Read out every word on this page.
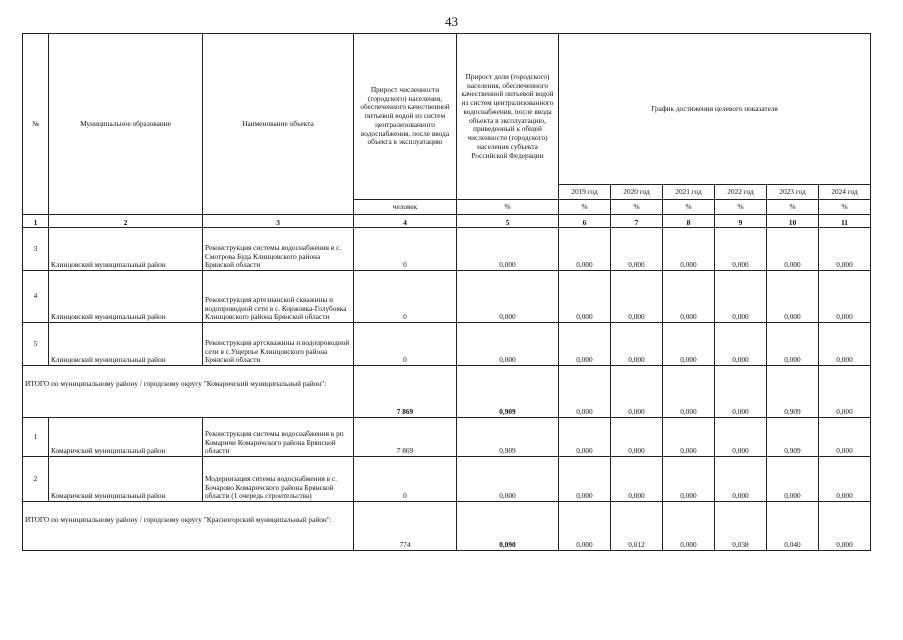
43
№	Муниципальное образование	Наименование объекта	Прирост численности (городского) населения, обеспеченного качественной питьевой водой из систем централизованного водоснабжения, после ввода объекта в эксплуатацию	Прирост доли (городского) населения, обеспеченного качественной питьевой водой из систем централизованного водоснабжения, после ввода объекта в эксплуатацию, приведенный к общей численности (городского) населения субъекта Российской Федерации	График достижения целевого показателя					
					2019 год	2020 год	2021 год	2022 год	2023 год	2024 год
			человек	%	%	%	%	%	%	%
1	2	3	4	5	6	7	8	9	10	11
3	Клинцовский муниципальный район	Реконструкция системы водоснабжения в с. Смотрова Буда Клинцовского района Брянской области	0	0,000	0,000	0,000	0,000	0,000	0,000	0,000
4	Клинцовский муниципальный район	Реконструкция артезианской скважины и водопроводной сети в с. Коржовка-Голубовка Клинцовского района Брянской области	0	0,000	0,000	0,000	0,000	0,000	0,000	0,000
5	Клинцовский муниципальный район	Реконструкция артскважины и водопроводной сети в с.Ущерпье Клинцовского района Брянской области	0	0,000	0,000	0,000	0,000	0,000	0,000	0,000
ИТОГО по муниципальному району / городскому округу "Комаричский муниципальный район":			7 869	0,909	0,000	0,000	0,000	0,000	0,909	0,000
1	Комаричский муниципальный район	Реконструкция системы водоснабжения в рп Комаричи Комаричского района Брянской области	7 869	0,909	0,000	0,000	0,000	0,000	0,909	0,000
2	Комаричский муниципальный район	Модернизация ситемы водоснабжения в с. Бочарово Комаричского района Брянской области (1 очередь строительства)	0	0,000	0,000	0,000	0,000	0,000	0,000	0,000
ИТОГО по муниципальному району / городскому округу "Красногорский муниципальный район":			774	0,090	0,000	0,012	0,000	0,038	0,040	0,000
